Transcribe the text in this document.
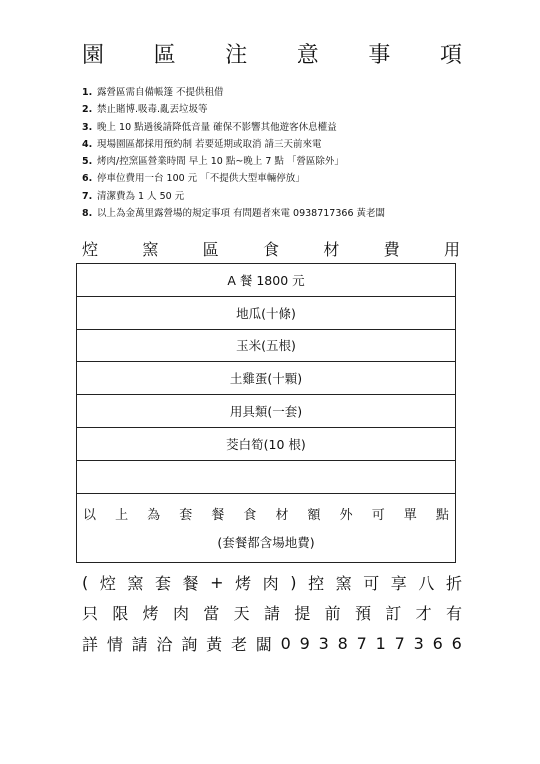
園 區 注 意 事 項
1. 露營區需自備帳篷 不提供租借
2. 禁止賭博.吸毒.亂丟垃圾等
3. 晚上 10 點過後請降低音量 確保不影響其他遊客休息權益
4. 現場園區都採用預約制 若要延期或取消 請三天前來電
5. 烤肉/控窯區營業時間 早上 10 點~晚上 7 點 「營區除外」
6. 停車位費用一台 100 元 「不提供大型車輛停放」
7. 清潔費為 1 人 50 元
8. 以上為金萬里露營場的規定事項 有問題者來電 0938717366 黃老闆
焢	窯	區	食	材	費	用
A 餐 1800 元
地瓜(十條)
玉米(五根)
土雞蛋(十顆)
用具類(一套)
茭白筍(10 根)
以 上 為 套 餐 食 材 額 外 可 單 點
(套餐都含場地費)
( 焢 窯 套 餐 + 烤 肉 ) 控 窯 可 享 八 折
只 限 烤 肉 當 天 請 提 前 預 訂 才 有
詳 情 請 洽 詢 黃 老 闆 0 9 3 8 7 1 7 3 6 6
